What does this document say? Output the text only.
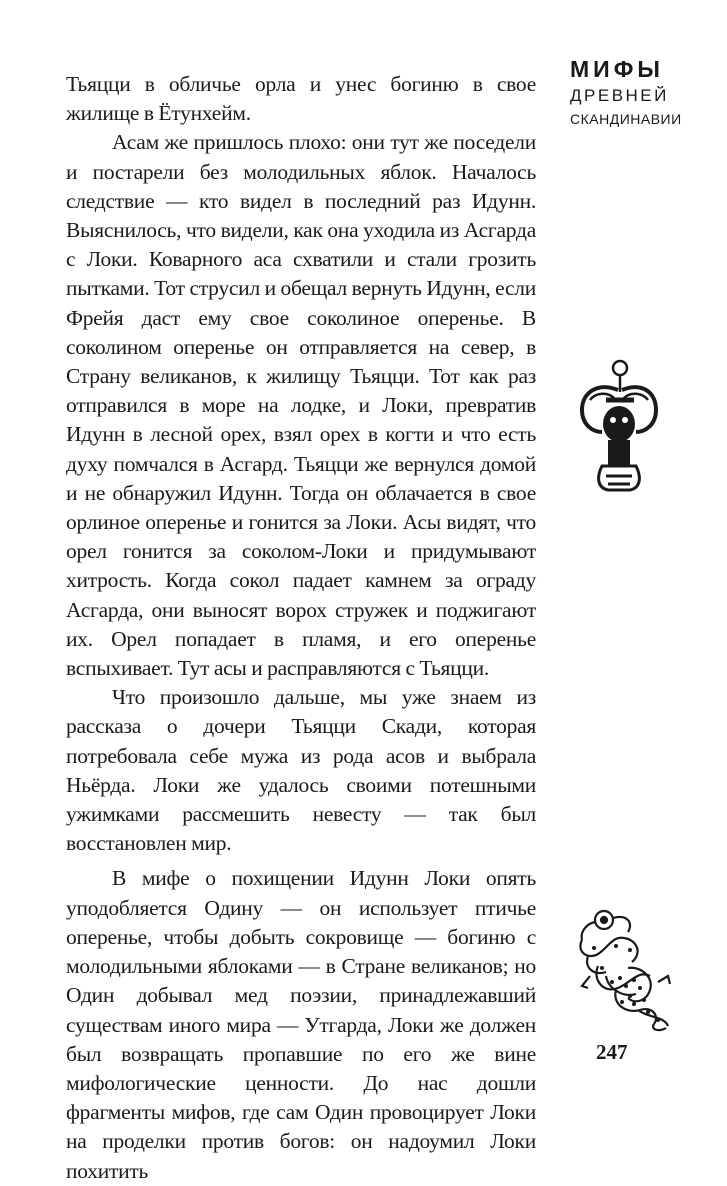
Тьяцци в обличье орла и унес богиню в свое жилище в Ётунхейм.

Асам же пришлось плохо: они тут же поседели и постарели без молодильных яблок. Началось следствие — кто видел в последний раз Идунн. Выяснилось, что видели, как она уходила из Асгарда с Локи. Коварного аса схватили и стали грозить пытками. Тот струсил и обещал вернуть Идунн, если Фрейя даст ему свое соколиное оперенье. В соколином оперенье он отправляется на север, в Страну великанов, к жилищу Тьяцци. Тот как раз отправился в море на лодке, и Локи, превратив Идунн в лесной орех, взял орех в когти и что есть духу помчался в Асгард. Тьяцци же вернулся домой и не обнаружил Идунн. Тогда он облачается в свое орлиное оперенье и гонится за Локи. Асы видят, что орел гонится за соколом-Локи и придумывают хитрость. Когда сокол падает камнем за ограду Асгарда, они выносят ворох стружек и поджигают их. Орел попадает в пламя, и его оперенье вспыхивает. Тут асы и расправляются с Тьяцци.

Что произошло дальше, мы уже знаем из рассказа о дочери Тьяцци Скади, которая потребовала себе мужа из рода асов и выбрала Ньёрда. Локи же удалось своими потешными ужимками рассмешить невесту — так был восстановлен мир.

В мифе о похищении Идунн Локи опять уподобляется Одину — он использует птичье оперенье, чтобы добыть сокровище — богиню с молодильными яблоками — в Стране великанов; но Один добывал мед поэзии, принадлежавший существам иного мира — Утгарда, Локи же должен был возвращать пропавшие по его же вине мифологические ценности. До нас дошли фрагменты мифов, где сам Один провоцирует Локи на проделки против богов: он надоумил Локи похитить

МИФЫ
ДРЕВНЕЙ
СКАНДИНАВИИ
247
